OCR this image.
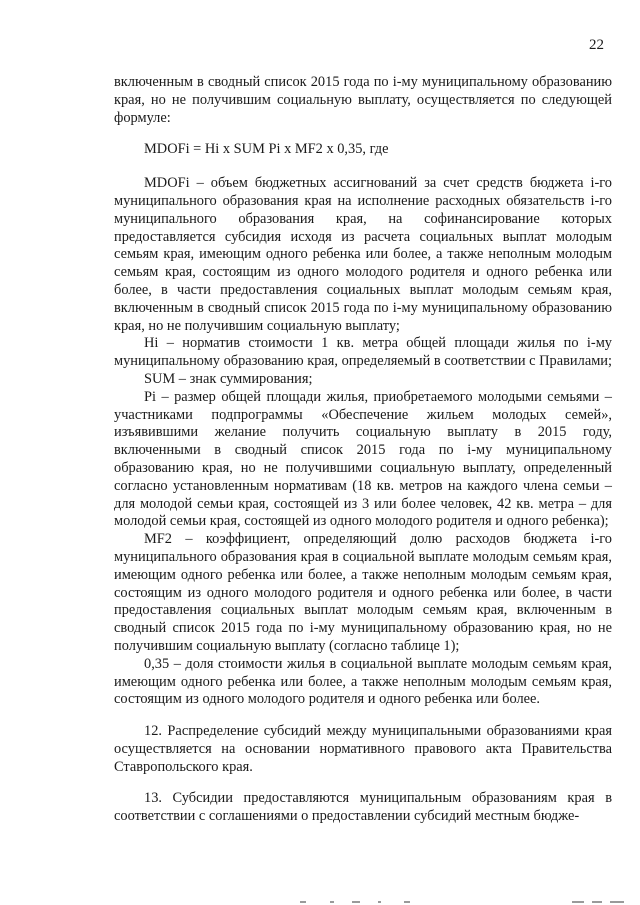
22

включенным в сводный список 2015 года по i-му муниципальному образованию края, но не получившим социальную выплату, осуществляется по следующей формуле:

MDOFi = Hi x SUM Pi x MF2 x 0,35, где

MDOFi – объем бюджетных ассигнований за счет средств бюджета i-го муниципального образования края на исполнение расходных обязательств i-го муниципального образования края, на софинансирование которых предоставляется субсидия исходя из расчета социальных выплат молодым семьям края, имеющим одного ребенка или более, а также неполным молодым семьям края, состоящим из одного молодого родителя и одного ребенка или более, в части предоставления социальных выплат молодым семьям края, включенным в сводный список 2015 года по i-му муниципальному образованию края, но не получившим социальную выплату;

Hi – норматив стоимости 1 кв. метра общей площади жилья по i-му муниципальному образованию края, определяемый в соответствии с Правилами;

SUM – знак суммирования;

Pi – размер общей площади жилья, приобретаемого молодыми семьями – участниками подпрограммы «Обеспечение жильем молодых семей», изъявившими желание получить социальную выплату в 2015 году, включенными в сводный список 2015 года по i-му муниципальному образованию края, но не получившими социальную выплату, определенный согласно установленным нормативам (18 кв. метров на каждого члена семьи – для молодой семьи края, состоящей из 3 или более человек, 42 кв. метра – для молодой семьи края, состоящей из одного молодого родителя и одного ребенка);

MF2 – коэффициент, определяющий долю расходов бюджета i-го муниципального образования края в социальной выплате молодым семьям края, имеющим одного ребенка или более, а также неполным молодым семьям края, состоящим из одного молодого родителя и одного ребенка или более, в части предоставления социальных выплат молодым семьям края, включенным в сводный список 2015 года по i-му муниципальному образованию края, но не получившим социальную выплату (согласно таблице 1);

0,35 – доля стоимости жилья в социальной выплате молодым семьям края, имеющим одного ребенка или более, а также неполным молодым семьям края, состоящим из одного молодого родителя и одного ребенка или более.

12. Распределение субсидий между муниципальными образованиями края осуществляется на основании нормативного правового акта Правительства Ставропольского края.

13. Субсидии предоставляются муниципальным образованиям края в соответствии с соглашениями о предоставлении субсидий местным бюдже-
